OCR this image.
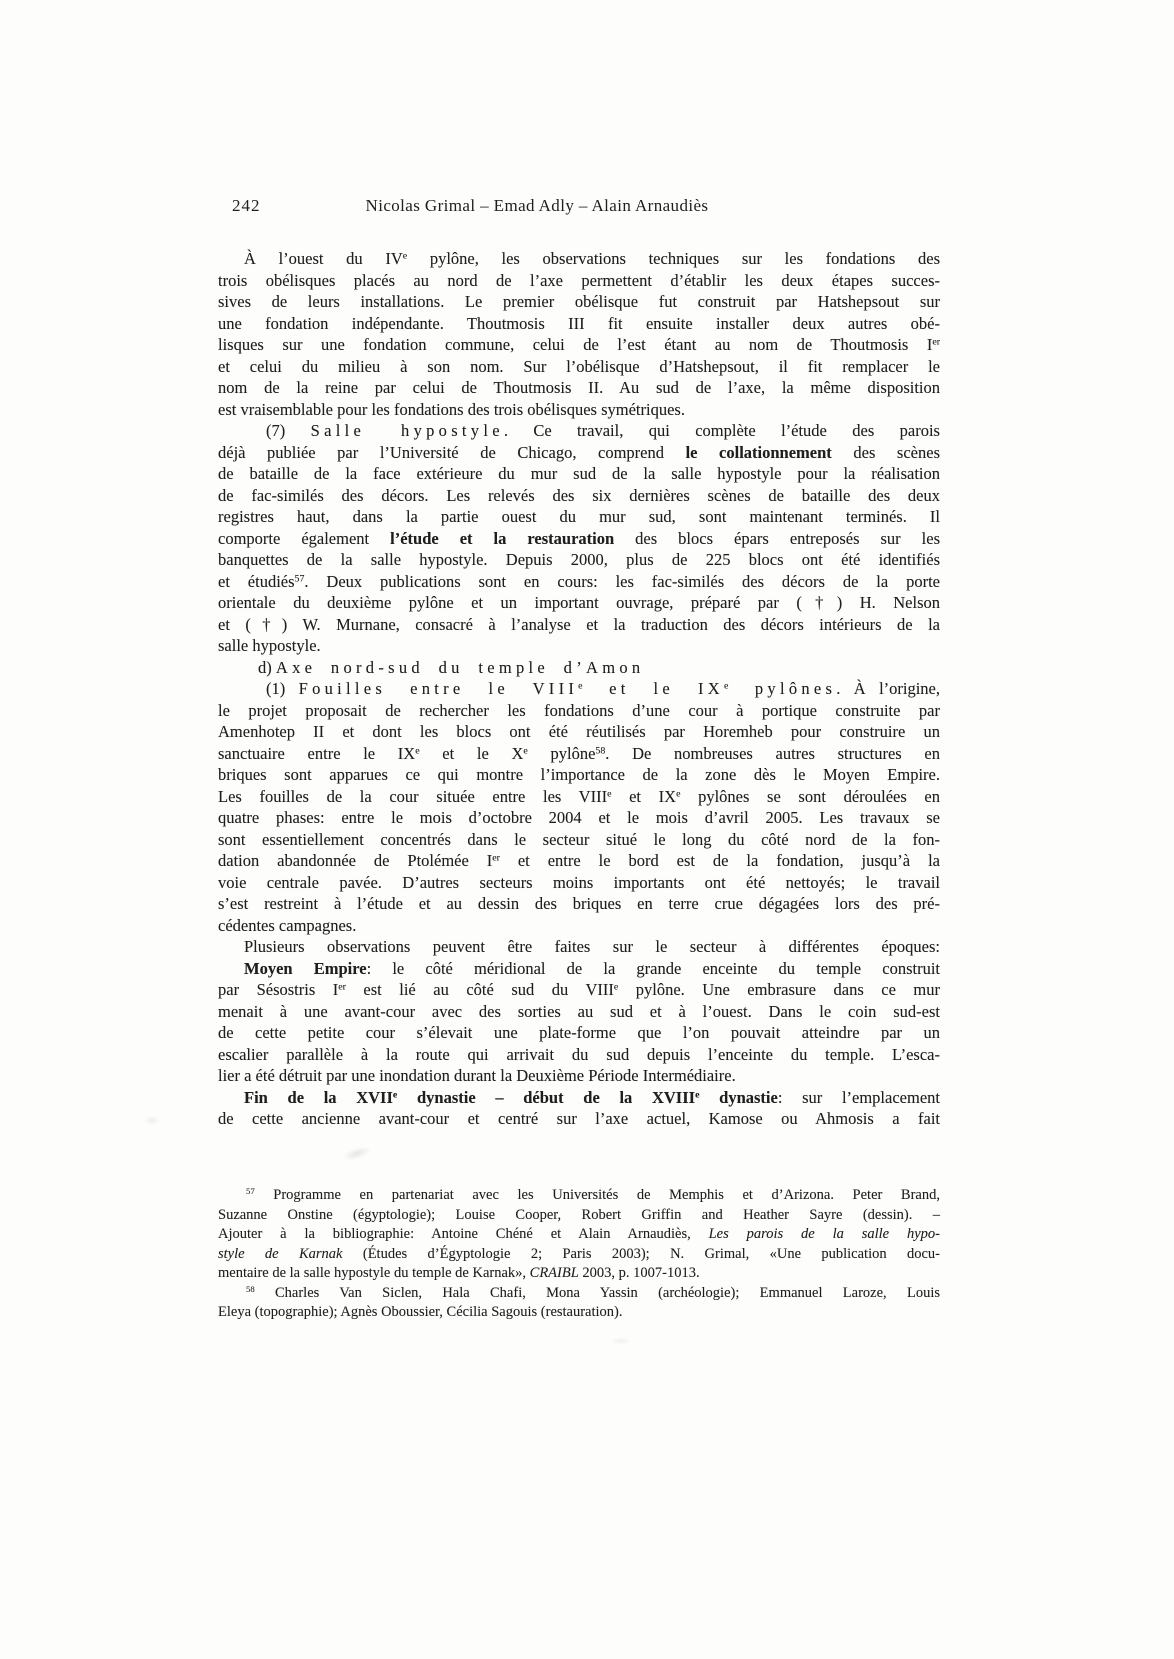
242	Nicolas Grimal – Emad Adly – Alain Arnaudiès
À l’ouest du IVe pylône, les observations techniques sur les fondations des
trois obélisques placés au nord de l’axe permettent d’établir les deux étapes succes-
sives de leurs installations. Le premier obélisque fut construit par Hatshepsout sur
une fondation indépendante. Thoutmosis III fit ensuite installer deux autres obé-
lisques sur une fondation commune, celui de l’est étant au nom de Thoutmosis Ier
et celui du milieu à son nom. Sur l’obélisque d’Hatshepsout, il fit remplacer le
nom de la reine par celui de Thoutmosis II. Au sud de l’axe, la même disposition
est vraisemblable pour les fondations des trois obélisques symétriques.
(7) Salle hypostyle. Ce travail, qui complète l’étude des parois
déjà publiée par l’Université de Chicago, comprend le collationnement des scènes
de bataille de la face extérieure du mur sud de la salle hypostyle pour la réalisation
de fac-similés des décors. Les relevés des six dernières scènes de bataille des deux
registres haut, dans la partie ouest du mur sud, sont maintenant terminés. Il
comporte également l’étude et la restauration des blocs épars entreposés sur les
banquettes de la salle hypostyle. Depuis 2000, plus de 225 blocs ont été identifiés
et étudiés$^{57}$. Deux publications sont en cours: les fac-similés des décors de la porte
orientale du deuxième pylône et un important ouvrage, préparé par (†) H. Nelson
et (†) W. Murnane, consacré à l’analyse et la traduction des décors intérieurs de la
salle hypostyle.
d) Axe nord-sud du temple d’Amon
(1) Fouilles entre le VIIIe et le IXe pylônes. À l’origine,
le projet proposait de rechercher les fondations d’une cour à portique construite par
Amenhotep II et dont les blocs ont été réutilisés par Horemheb pour construire un
sanctuaire entre le IXe et le Xe pylône$^{58}$. De nombreuses autres structures en
briques sont apparues ce qui montre l’importance de la zone dès le Moyen Empire.
Les fouilles de la cour située entre les VIIIe et IXe pylônes se sont déroulées en
quatre phases: entre le mois d’octobre 2004 et le mois d’avril 2005. Les travaux se
sont essentiellement concentrés dans le secteur situé le long du côté nord de la fon-
dation abandonnée de Ptolémée Ier et entre le bord est de la fondation, jusqu’à la
voie centrale pavée. D’autres secteurs moins importants ont été nettoyés; le travail
s’est restreint à l’étude et au dessin des briques en terre crue dégagées lors des pré-
cédentes campagnes.
Plusieurs observations peuvent être faites sur le secteur à différentes époques:
Moyen Empire: le côté méridional de la grande enceinte du temple construit
par Sésostris Ier est lié au côté sud du VIIIe pylône. Une embrasure dans ce mur
menait à une avant-cour avec des sorties au sud et à l’ouest. Dans le coin sud-est
de cette petite cour s’élevait une plate-forme que l’on pouvait atteindre par un
escalier parallèle à la route qui arrivait du sud depuis l’enceinte du temple. L’esca-
lier a été détruit par une inondation durant la Deuxième Période Intermédiaire.
Fin de la XVIIe dynastie – début de la XVIIIe dynastie: sur l’emplacement
de cette ancienne avant-cour et centré sur l’axe actuel, Kamose ou Ahmosis a fait
$^{57}$ Programme en partenariat avec les Universités de Memphis et d’Arizona. Peter Brand,
Suzanne Onstine (égyptologie); Louise Cooper, Robert Griffin and Heather Sayre (dessin). –
Ajouter à la bibliographie: Antoine Chéné et Alain Arnaudiès, Les parois de la salle hypo-
style de Karnak (Études d’Égyptologie 2; Paris 2003); N. Grimal, «Une publication docu-
mentaire de la salle hypostyle du temple de Karnak», CRAIBL 2003, p. 1007-1013.
$^{58}$ Charles Van Siclen, Hala Chafi, Mona Yassin (archéologie); Emmanuel Laroze, Louis
Eleya (topographie); Agnès Oboussier, Cécilia Sagouis (restauration).
